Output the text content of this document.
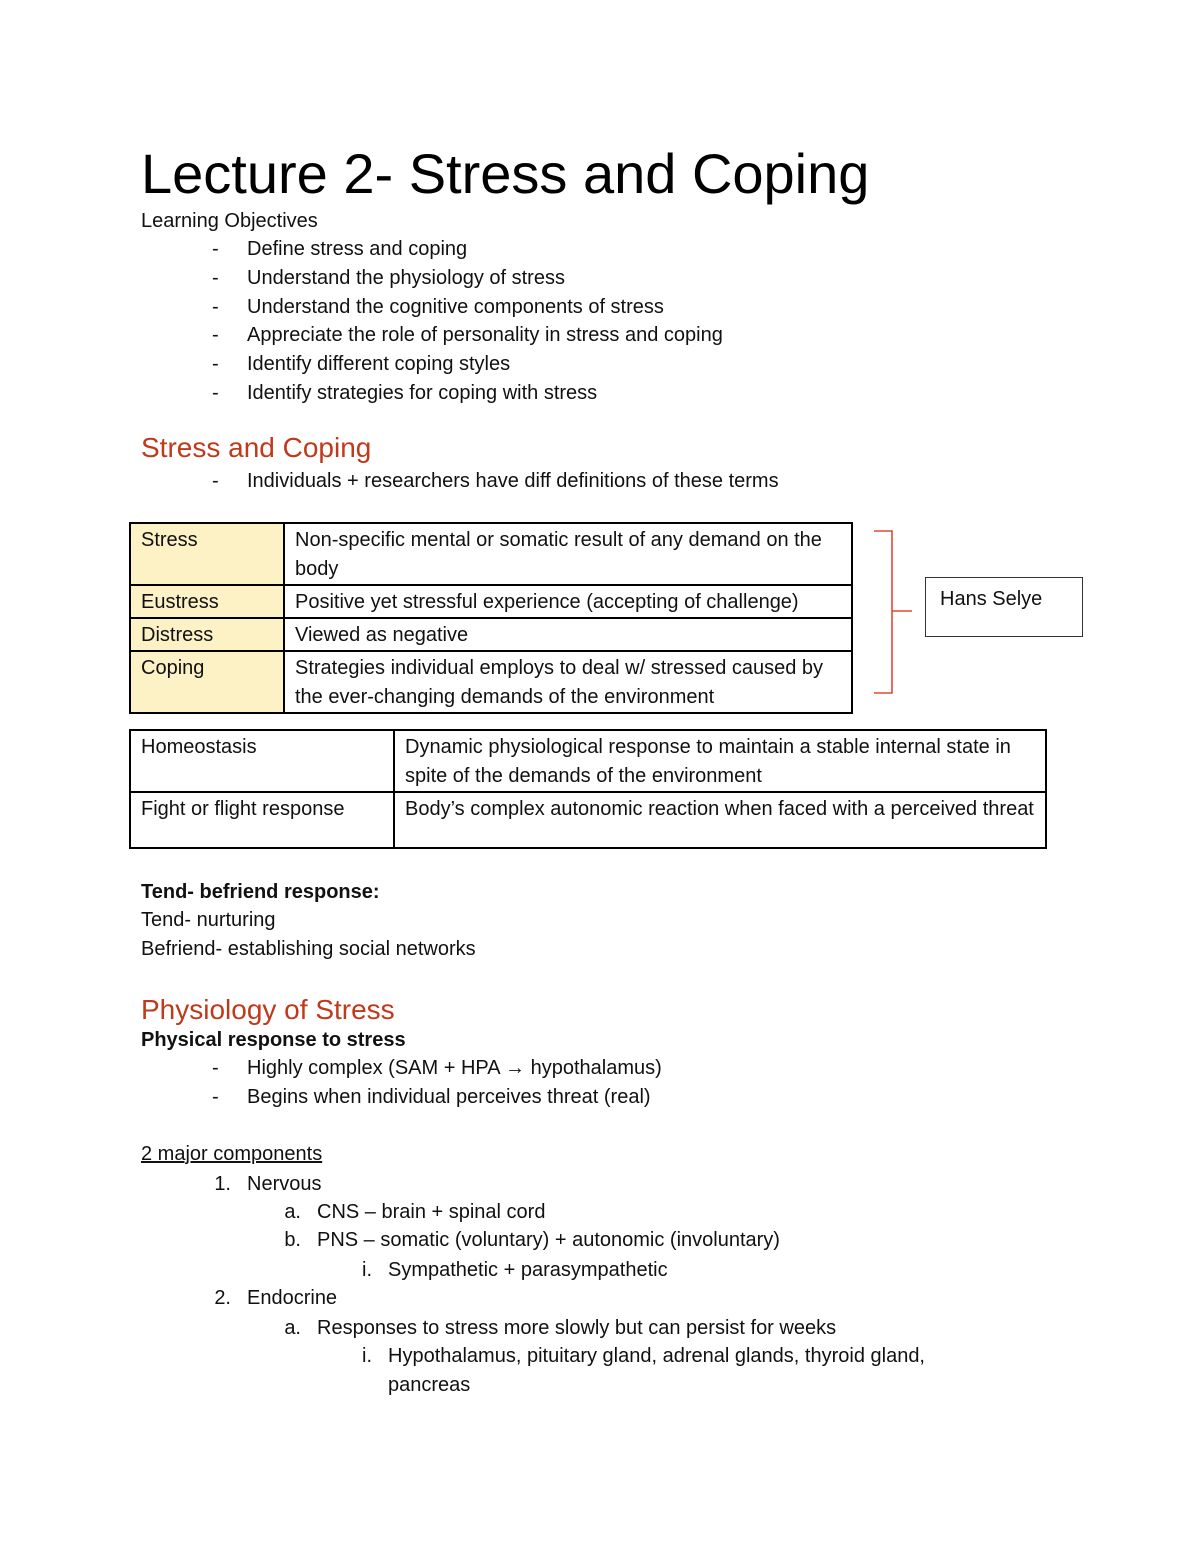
Lecture 2- Stress and Coping
Learning Objectives
- Define stress and coping
- Understand the physiology of stress
- Understand the cognitive components of stress
- Appreciate the role of personality in stress and coping
- Identify different coping styles
- Identify strategies for coping with stress
Stress and Coping
- Individuals + researchers have diff definitions of these terms
Stress	Non-specific mental or somatic result of any demand on the body
Eustress	Positive yet stressful experience (accepting of challenge)
Distress	Viewed as negative
Coping	Strategies individual employs to deal w/ stressed caused by the ever-changing demands of the environment
Hans Selye
Homeostasis	Dynamic physiological response to maintain a stable internal state in spite of the demands of the environment
Fight or flight response	Body’s complex autonomic reaction when faced with a perceived threat
Tend- befriend response:
Tend- nurturing
Befriend- establishing social networks
Physiology of Stress
Physical response to stress
- Highly complex (SAM + HPA → hypothalamus)
- Begins when individual perceives threat (real)
2 major components
1. Nervous
a. CNS – brain + spinal cord
b. PNS – somatic (voluntary) + autonomic (involuntary)
i. Sympathetic + parasympathetic
2. Endocrine
a. Responses to stress more slowly but can persist for weeks
i. Hypothalamus, pituitary gland, adrenal glands, thyroid gland,
pancreas
